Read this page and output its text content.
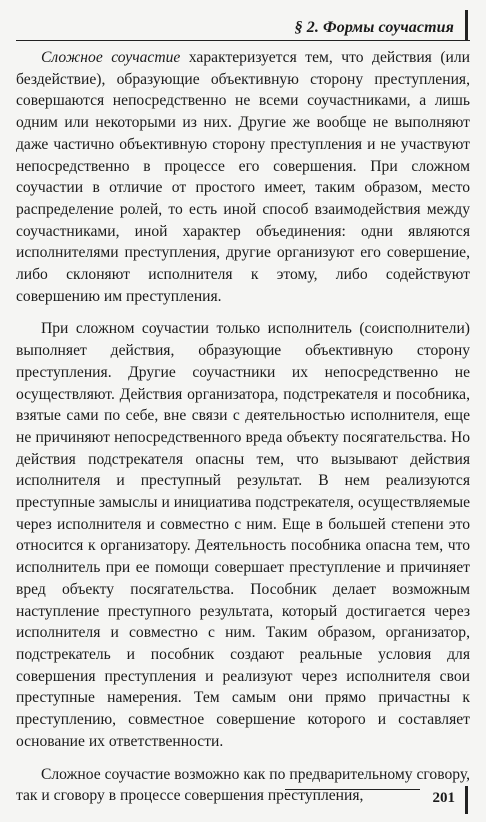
§ 2. Формы соучастия

Сложное соучастие характеризуется тем, что действия (или бездействие), образующие объективную сторону преступления, совершаются непосредственно не всеми соучастниками, а лишь одним или некоторыми из них. Другие же вообще не выполняют даже частично объективную сторону преступления и не участвуют непосредственно в процессе его совершения. При сложном соучастии в отличие от простого имеет, таким образом, место распределение ролей, то есть иной способ взаимодействия между соучастниками, иной характер объединения: одни являются исполнителями преступления, другие организуют его совершение, либо склоняют исполнителя к этому, либо содействуют совершению им преступления.

При сложном соучастии только исполнитель (соисполнители) выполняет действия, образующие объективную сторону преступления. Другие соучастники их непосредственно не осуществляют. Действия организатора, подстрекателя и пособника, взятые сами по себе, вне связи с деятельностью исполнителя, еще не причиняют непосредственного вреда объекту посягательства. Но действия подстрекателя опасны тем, что вызывают действия исполнителя и преступный результат. В нем реализуются преступные замыслы и инициатива подстрекателя, осуществляемые через исполнителя и совместно с ним. Еще в большей степени это относится к организатору. Деятельность пособника опасна тем, что исполнитель при ее помощи совершает преступление и причиняет вред объекту посягательства. Пособник делает возможным наступление преступного результата, который достигается через исполнителя и совместно с ним. Таким образом, организатор, подстрекатель и пособник создают реальные условия для совершения преступления и реализуют через исполнителя свои преступные намерения. Тем самым они прямо причастны к преступлению, совместное совершение которого и составляет основание их ответственности.

Сложное соучастие возможно как по предварительному сговору, так и сговору в процессе совершения преступления,	201
